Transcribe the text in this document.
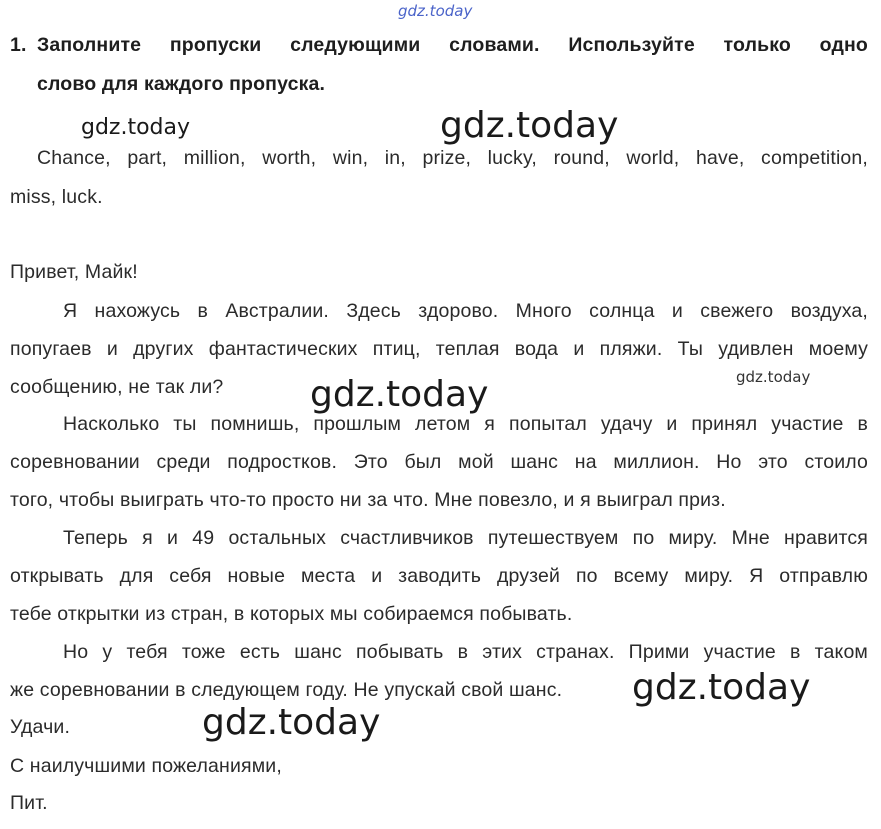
gdz.today
gdz.today	gdz.today
gdz.today
gdz.today
gdz.today
gdz.today
1. Заполните пропуски следующими словами. Используйте только одно
слово для каждого пропуска.
Chance, part, million, worth, win, in, prize, lucky, round, world, have, competition,
miss, luck.
Привет, Майк!
Я нахожусь в Австралии. Здесь здорово. Много солнца и свежего воздуха,
попугаев и других фантастических птиц, теплая вода и пляжи. Ты удивлен моему
сообщению, не так ли?
Насколько ты помнишь, прошлым летом я попытал удачу и принял участие в
соревновании среди подростков. Это был мой шанс на миллион. Но это стоило
того, чтобы выиграть что-то просто ни за что. Мне повезло, и я выиграл приз.
Теперь я и 49 остальных счастливчиков путешествуем по миру. Мне нравится
открывать для себя новые места и заводить друзей по всему миру. Я отправлю
тебе открытки из стран, в которых мы собираемся побывать.
Но у тебя тоже есть шанс побывать в этих странах. Прими участие в таком
же соревновании в следующем году. Не упускай свой шанс.
Удачи.
С наилучшими пожеланиями,
Пит.
